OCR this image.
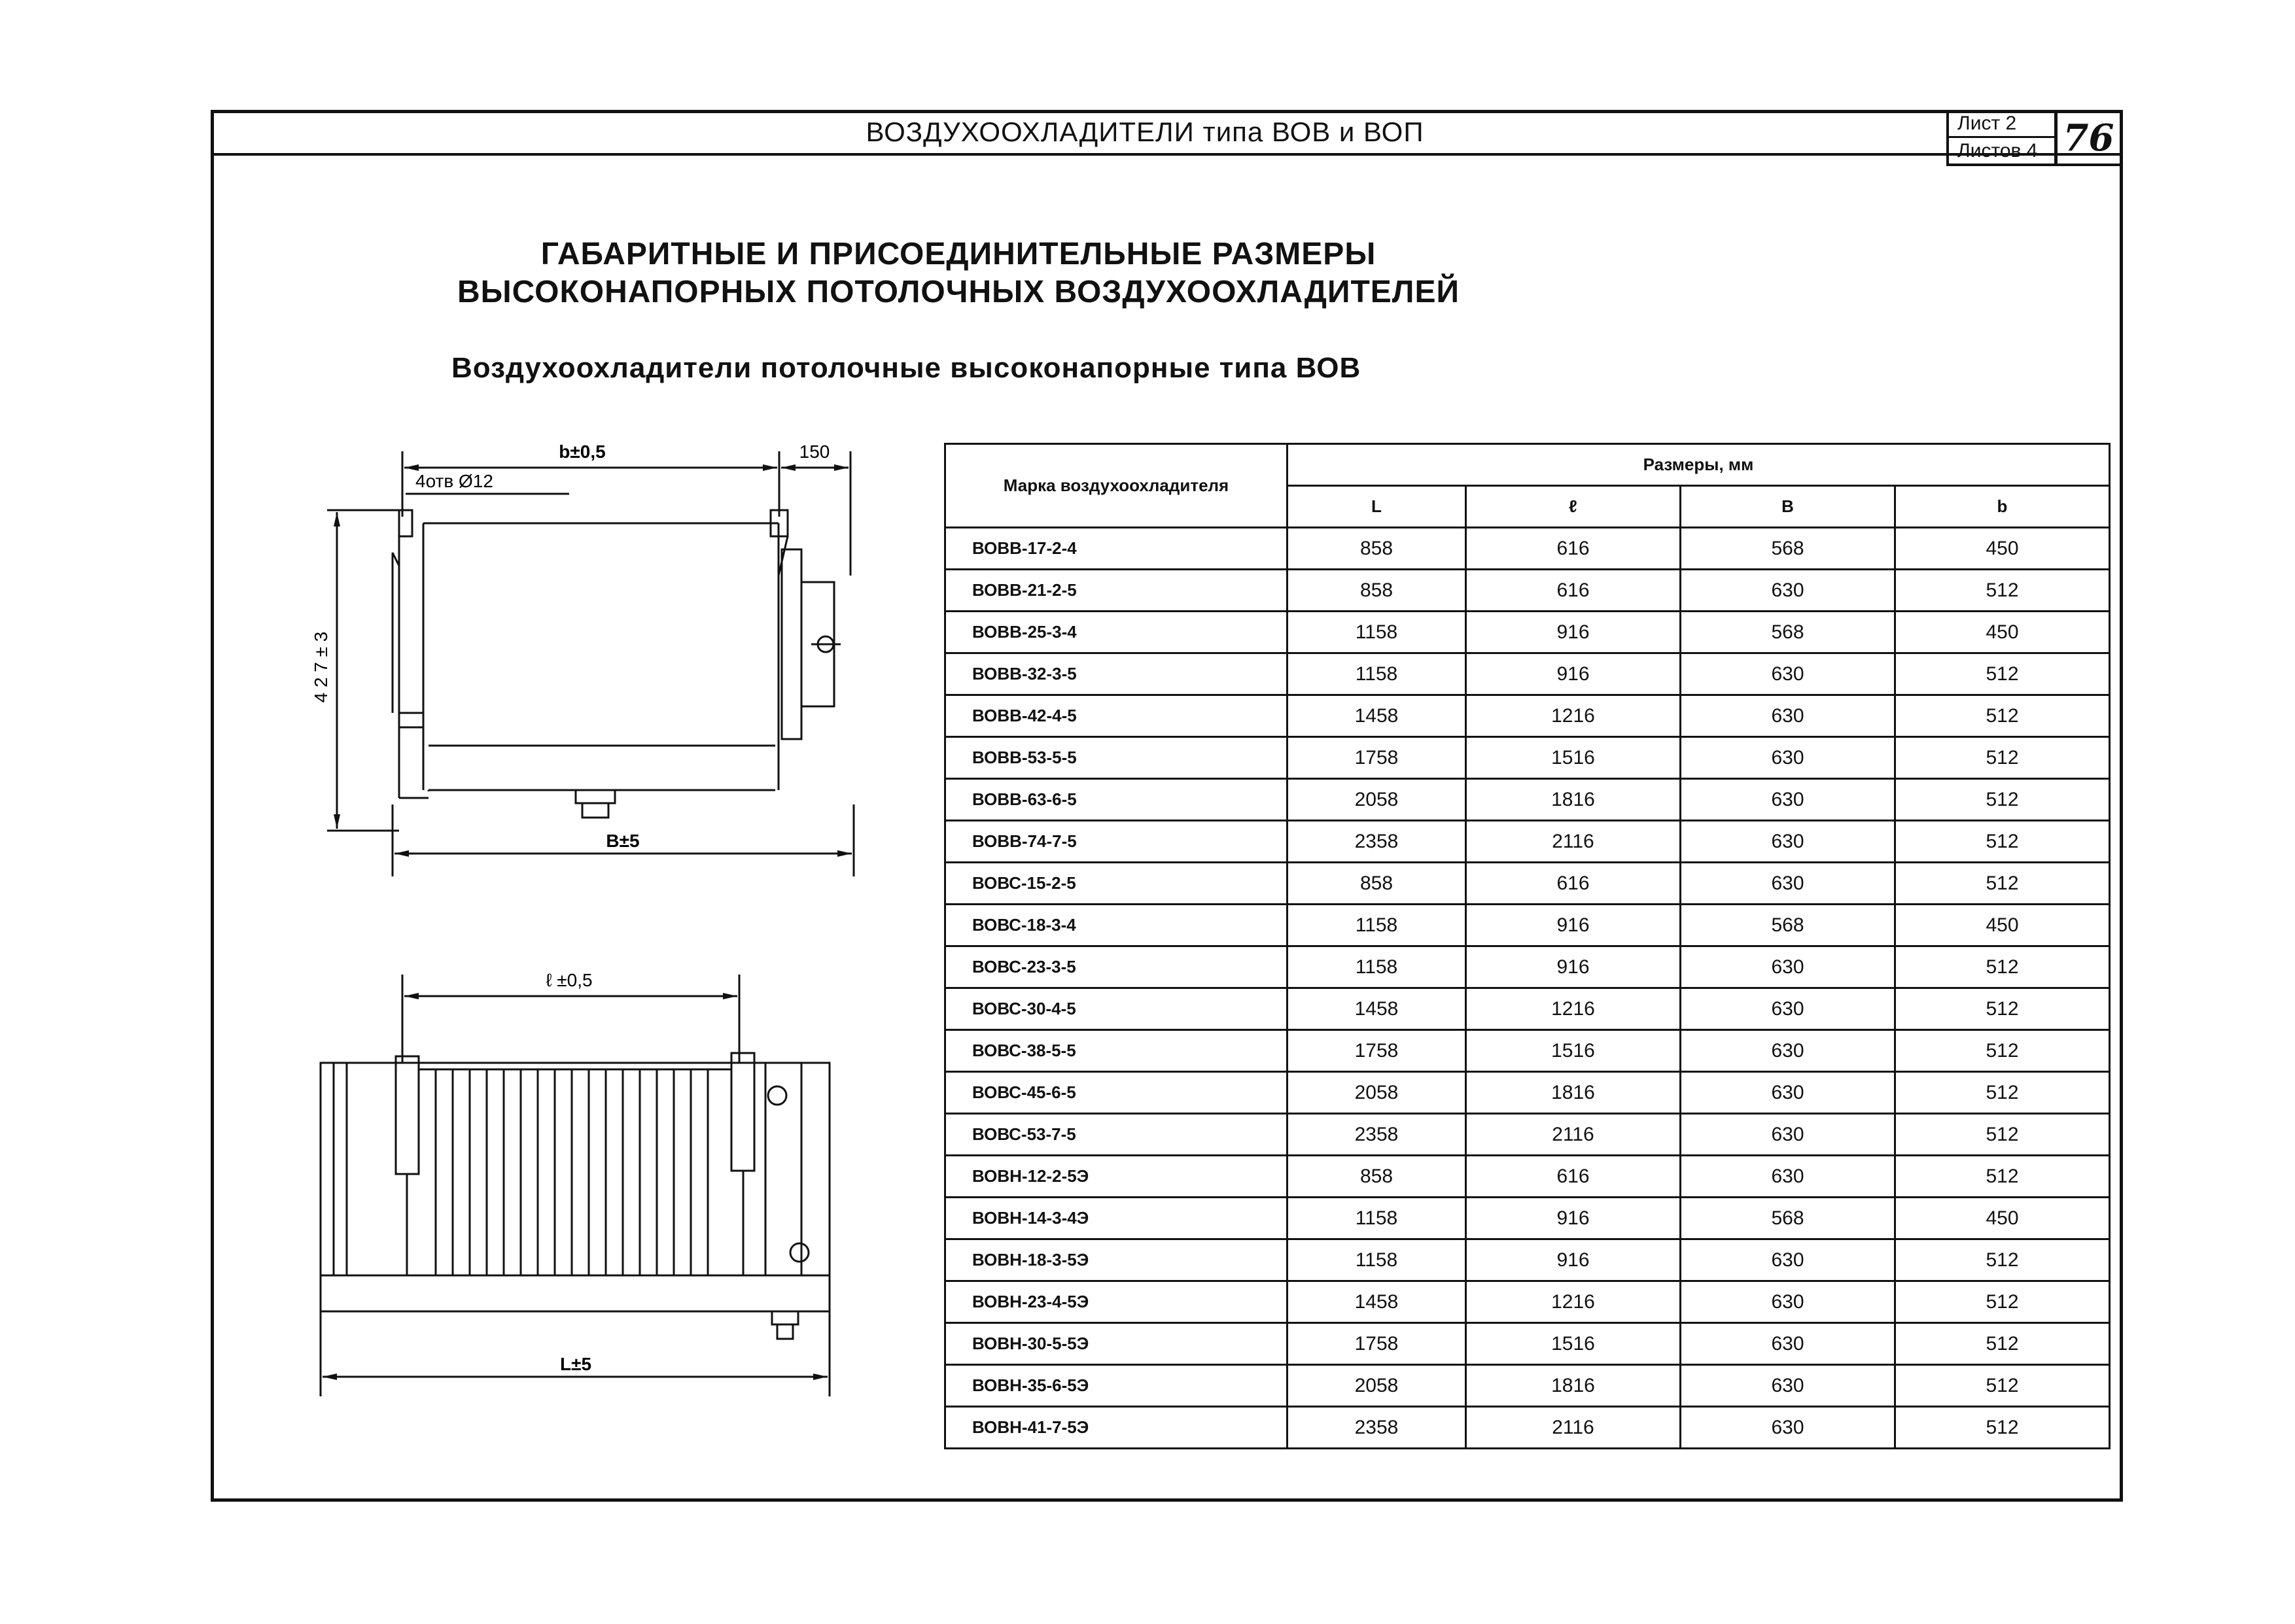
ВОЗДУХООХЛАДИТЕЛИ типа ВОВ и ВОП	Лист 2
Листов 4 76
ГАБАРИТНЫЕ И ПРИСОЕДИНИТЕЛЬНЫЕ РАЗМЕРЫ
ВЫСОКОНАПОРНЫХ ПОТОЛОЧНЫХ ВОЗДУХООХЛАДИТЕЛЕЙ
Воздухоохладители потолочные высоконапорные типа ВОВ
b±0,5	150
4отв Ø12
4 2 7 ± 3
B±5
ℓ ±0,5
L±5
Марка воздухоохладителя	Размеры, мм			
	L	ℓ	B	b
ВОВВ-17-2-4	858	616	568	450
ВОВВ-21-2-5	858	616	630	512
ВОВВ-25-3-4	1158	916	568	450
ВОВВ-32-3-5	1158	916	630	512
ВОВВ-42-4-5	1458	1216	630	512
ВОВВ-53-5-5	1758	1516	630	512
ВОВВ-63-6-5	2058	1816	630	512
ВОВВ-74-7-5	2358	2116	630	512
ВОВС-15-2-5	858	616	630	512
ВОВС-18-3-4	1158	916	568	450
ВОВС-23-3-5	1158	916	630	512
ВОВС-30-4-5	1458	1216	630	512
ВОВС-38-5-5	1758	1516	630	512
ВОВС-45-6-5	2058	1816	630	512
ВОВС-53-7-5	2358	2116	630	512
ВОВН-12-2-5Э	858	616	630	512
ВОВН-14-3-4Э	1158	916	568	450
ВОВН-18-3-5Э	1158	916	630	512
ВОВН-23-4-5Э	1458	1216	630	512
ВОВН-30-5-5Э	1758	1516	630	512
ВОВН-35-6-5Э	2058	1816	630	512
ВОВН-41-7-5Э	2358	2116	630	512
